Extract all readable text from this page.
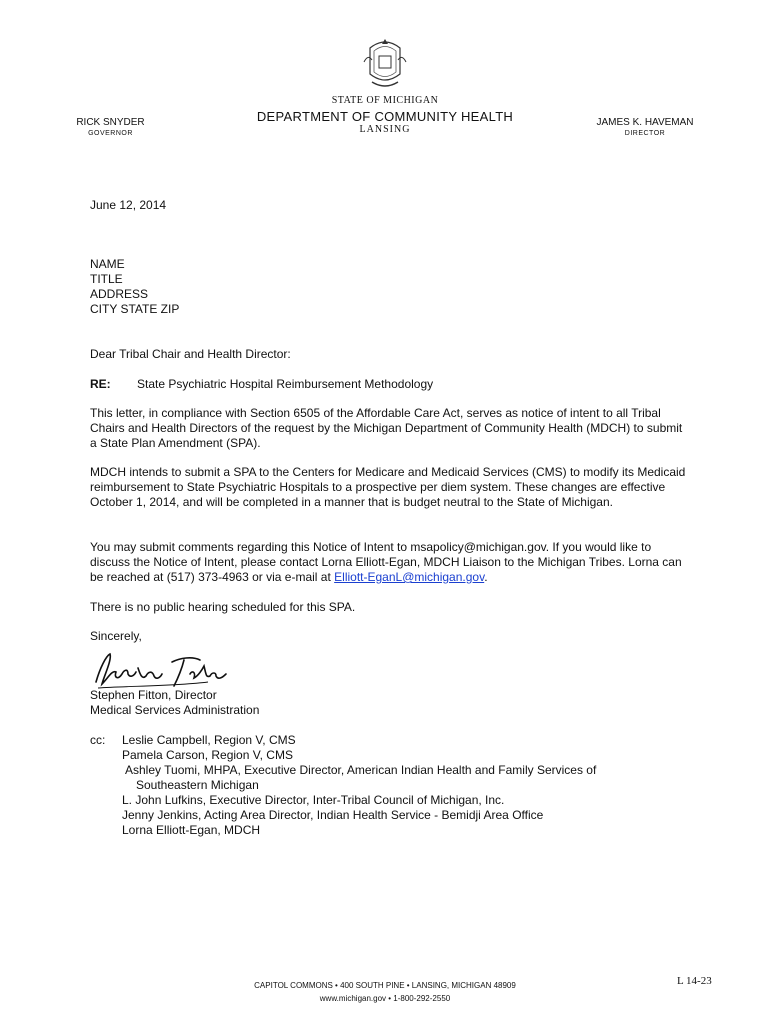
STATE OF MICHIGAN
DEPARTMENT OF COMMUNITY HEALTH
LANSING
RICK SNYDER
GOVERNOR
JAMES K. HAVEMAN
DIRECTOR
June 12, 2014
NAME
TITLE
ADDRESS
CITY STATE ZIP
Dear Tribal Chair and Health Director:
RE: State Psychiatric Hospital Reimbursement Methodology
This letter, in compliance with Section 6505 of the Affordable Care Act, serves as notice of intent to all Tribal Chairs and Health Directors of the request by the Michigan Department of Community Health (MDCH) to submit a State Plan Amendment (SPA).
MDCH intends to submit a SPA to the Centers for Medicare and Medicaid Services (CMS) to modify its Medicaid reimbursement to State Psychiatric Hospitals to a prospective per diem system. These changes are effective October 1, 2014, and will be completed in a manner that is budget neutral to the State of Michigan.
You may submit comments regarding this Notice of Intent to msapolicy@michigan.gov. If you would like to discuss the Notice of Intent, please contact Lorna Elliott-Egan, MDCH Liaison to the Michigan Tribes. Lorna can be reached at (517) 373-4963 or via e-mail at Elliott-EganL@michigan.gov.
There is no public hearing scheduled for this SPA.
Sincerely,
Stephen Fitton, Director
Medical Services Administration
cc: Leslie Campbell, Region V, CMS
Pamela Carson, Region V, CMS
Ashley Tuomi, MHPA, Executive Director, American Indian Health and Family Services of
Southeastern Michigan
L. John Lufkins, Executive Director, Inter-Tribal Council of Michigan, Inc.
Jenny Jenkins, Acting Area Director, Indian Health Service - Bemidji Area Office
Lorna Elliott-Egan, MDCH
CAPITOL COMMONS • 400 SOUTH PINE • LANSING, MICHIGAN 48909
www.michigan.gov • 1-800-292-2550
L 14-23
